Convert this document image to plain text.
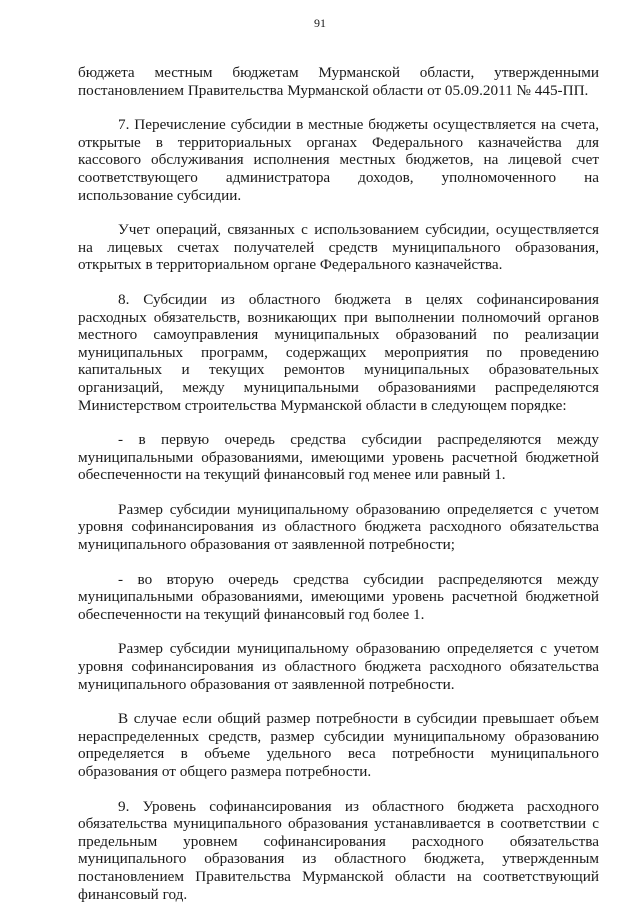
91

бюджета местным бюджетам Мурманской области, утвержденными постановлением Правительства Мурманской области от 05.09.2011 № 445-ПП.

7. Перечисление субсидии в местные бюджеты осуществляется на счета, открытые в территориальных органах Федерального казначейства для кассового обслуживания исполнения местных бюджетов, на лицевой счет соответствующего администратора доходов, уполномоченного на использование субсидии.

Учет операций, связанных с использованием субсидии, осуществляется на лицевых счетах получателей средств муниципального образования, открытых в территориальном органе Федерального казначейства.

8. Субсидии из областного бюджета в целях софинансирования расходных обязательств, возникающих при выполнении полномочий органов местного самоуправления муниципальных образований по реализации муниципальных программ, содержащих мероприятия по проведению капитальных и текущих ремонтов муниципальных образовательных организаций, между муниципальными образованиями распределяются Министерством строительства Мурманской области в следующем порядке:

- в первую очередь средства субсидии распределяются между муниципальными образованиями, имеющими уровень расчетной бюджетной обеспеченности на текущий финансовый год менее или равный 1.

Размер субсидии муниципальному образованию определяется с учетом уровня софинансирования из областного бюджета расходного обязательства муниципального образования от заявленной потребности;

- во вторую очередь средства субсидии распределяются между муниципальными образованиями, имеющими уровень расчетной бюджетной обеспеченности на текущий финансовый год более 1.

Размер субсидии муниципальному образованию определяется с учетом уровня софинансирования из областного бюджета расходного обязательства муниципального образования от заявленной потребности.

В случае если общий размер потребности в субсидии превышает объем нераспределенных средств, размер субсидии муниципальному образованию определяется в объеме удельного веса потребности муниципального образования от общего размера потребности.

9. Уровень софинансирования из областного бюджета расходного обязательства муниципального образования устанавливается в соответствии с предельным уровнем софинансирования расходного обязательства муниципального образования из областного бюджета, утвержденным постановлением Правительства Мурманской области на соответствующий финансовый год.
